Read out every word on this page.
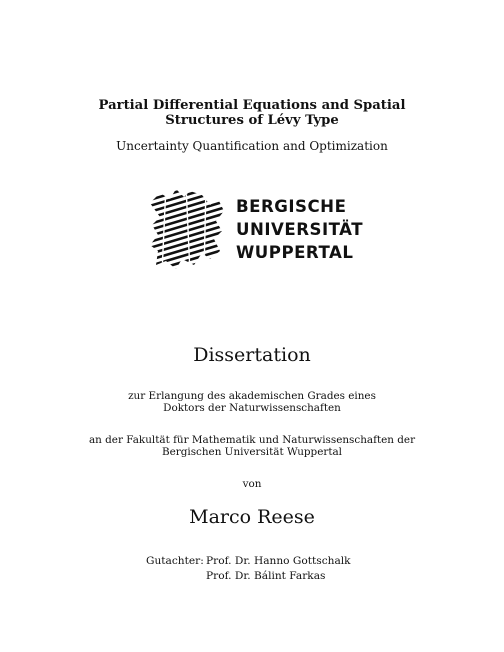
Partial Differential Equations and Spatial
Structures of Lévy Type
Uncertainty Quantification and Optimization
BERGISCHE
UNIVERSITÄT
WUPPERTAL
Dissertation
zur Erlangung des akademischen Grades eines
Doktors der Naturwissenschaften
an der Fakultät für Mathematik und Naturwissenschaften der
Bergischen Universität Wuppertal
von
Marco Reese
Gutachter: Prof. Dr. Hanno Gottschalk
Prof. Dr. Bálint Farkas
